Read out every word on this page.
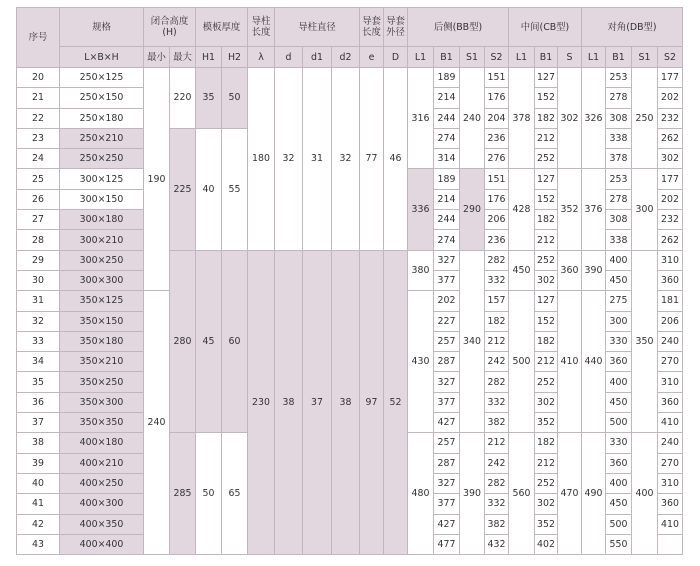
序号	规格	闭合高度(H)		模板厚度		导柱长度	导柱直径			导套长度	导套外径	后侧(BB型)				中间(CB型)			对角(DB型)			
	L×B×H	最小	最大	H1	H2	λ	d	d1	d2	e	D	L1	B1	S1	S2	L1	B1	S	L1	B1	S1	S2
20	250×125	190	220	35	50	180	32	31	32	77	46	316	189	240	151	378	127	302	326	253	250	177
21	250×150												214		176		152			278		202
22	250×180												244		204		182			308		232
23	250×210		225	40	55								274		236		212			338		262
24	250×250												314		276		252			378		302
25	300×125											336	189	290	151	428	127	352	376	253	300	177
26	300×150												214		176		152			278		202
27	300×180												244		206		182			308		232
28	300×210												274		236		212			338		262
29	300×250		280	45	60	230	38	37	38	97	52	380	327	340	282	450	252	360	390	400	350	310
30	300×300												377		332		302			450		360
31	350×125	240										430	202		157	500	127	410	440	275		181
32	350×150												227		182		152			300		206
33	350×180												257		212		182			330		240
34	350×210												287		242		212			360		270
35	350×250												327		282		252			400		310
36	350×300												377		332		302			450		360
37	350×350												427		382		352			500		410
38	400×180		285	50	65							480	257	390	212	560	182	470	490	330	400	240
39	400×210												287		242		212			360		270
40	400×250												327		282		252			400		310
41	400×300												377		332		302			450		360
42	400×350												427		382		352			500		410
43	400×400												477		432		402			550		
